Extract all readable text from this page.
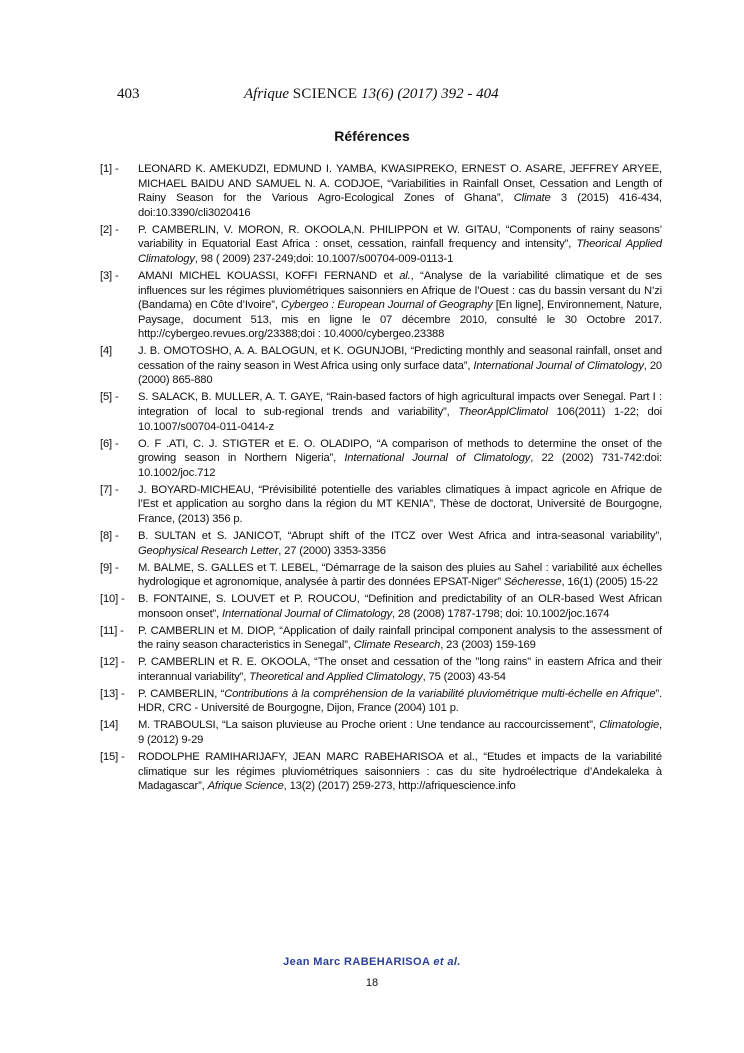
403	Afrique SCIENCE 13(6) (2017) 392 - 404
Références
[1] -	LEONARD K. AMEKUDZI, EDMUND I. YAMBA, KWASIPREKO, ERNEST O. ASARE, JEFFREY ARYEE, MICHAEL BAIDU AND SAMUEL N. A. CODJOE, “Variabilities in Rainfall Onset, Cessation and Length of Rainy Season for the Various Agro-Ecological Zones of Ghana”, Climate 3 (2015) 416-434, doi:10.3390/cli3020416
[2] -	P. CAMBERLIN, V. MORON, R. OKOOLA,N. PHILIPPON et W. GITAU, “Components of rainy seasons’ variability in Equatorial East Africa : onset, cessation, rainfall frequency and intensity”, Theorical Applied Climatology, 98 ( 2009) 237-249;doi: 10.1007/s00704-009-0113-1
[3] -	AMANI MICHEL KOUASSI, KOFFI FERNAND et al., “Analyse de la variabilité climatique et de ses influences sur les régimes pluviométriques saisonniers en Afrique de l’Ouest : cas du bassin versant du N’zi (Bandama) en Côte d’Ivoire”, Cybergeo : European Journal of Geography [En ligne], Environnement, Nature, Paysage, document 513, mis en ligne le 07 décembre 2010, consulté le 30 Octobre 2017. http://cybergeo.revues.org/23388;doi : 10.4000/cybergeo.23388
[4]	J. B. OMOTOSHO, A. A. BALOGUN, et K. OGUNJOBI, “Predicting monthly and seasonal rainfall, onset and cessation of the rainy season in West Africa using only surface data”, International Journal of Climatology, 20 (2000) 865-880
[5] -	S. SALACK, B. MULLER, A. T. GAYE, “Rain-based factors of high agricultural impacts over Senegal. Part I : integration of local to sub-regional trends and variability”, TheorApplClimatol 106(2011) 1-22; doi 10.1007/s00704-011-0414-z
[6] -	O. F .ATI, C. J. STIGTER et E. O. OLADIPO, “A comparison of methods to determine the onset of the growing season in Northern Nigeria”, International Journal of Climatology, 22 (2002) 731-742:doi: 10.1002/joc.712
[7] -	J. BOYARD-MICHEAU, “Prévisibilité potentielle des variables climatiques à impact agricole en Afrique de l’Est et application au sorgho dans la région du MT KENIA”, Thèse de doctorat, Université de Bourgogne, France, (2013) 356 p.
[8] -	B. SULTAN et S. JANICOT, “Abrupt shift of the ITCZ over West Africa and intra-seasonal variability”, Geophysical Research Letter, 27 (2000) 3353-3356
[9] -	M. BALME, S. GALLES et T. LEBEL, “Démarrage de la saison des pluies au Sahel : variabilité aux échelles hydrologique et agronomique, analysée à partir des données EPSAT-Niger” Sécheresse, 16(1) (2005) 15-22
[10] -	B. FONTAINE, S. LOUVET et P. ROUCOU, “Definition and predictability of an OLR-based West African monsoon onset”, International Journal of Climatology, 28 (2008) 1787-1798; doi: 10.1002/joc.1674
[11] -	P. CAMBERLIN et M. DIOP, “Application of daily rainfall principal component analysis to the assessment of the rainy season characteristics in Senegal”, Climate Research, 23 (2003) 159-169
[12] -	P. CAMBERLIN et R. E. OKOOLA, “The onset and cessation of the "long rains" in eastern Africa and their interannual variability”, Theoretical and Applied Climatology, 75 (2003) 43-54
[13] -	P. CAMBERLIN, “Contributions à la compréhension de la variabilité pluviométrique multi-échelle en Afrique”. HDR, CRC - Université de Bourgogne, Dijon, France (2004) 101 p.
[14]	M. TRABOULSI, “La saison pluvieuse au Proche orient : Une tendance au raccourcissement”, Climatologie, 9 (2012) 9-29
[15] -	RODOLPHE RAMIHARIJAFY, JEAN MARC RABEHARISOA et al., “Etudes et impacts de la variabilité climatique sur les régimes pluviométriques saisonniers : cas du site hydroélectrique d’Andekaleka à Madagascar”, Afrique Science, 13(2) (2017) 259-273, http://afriquescience.info
Jean Marc RABEHARISOA et al.
18
